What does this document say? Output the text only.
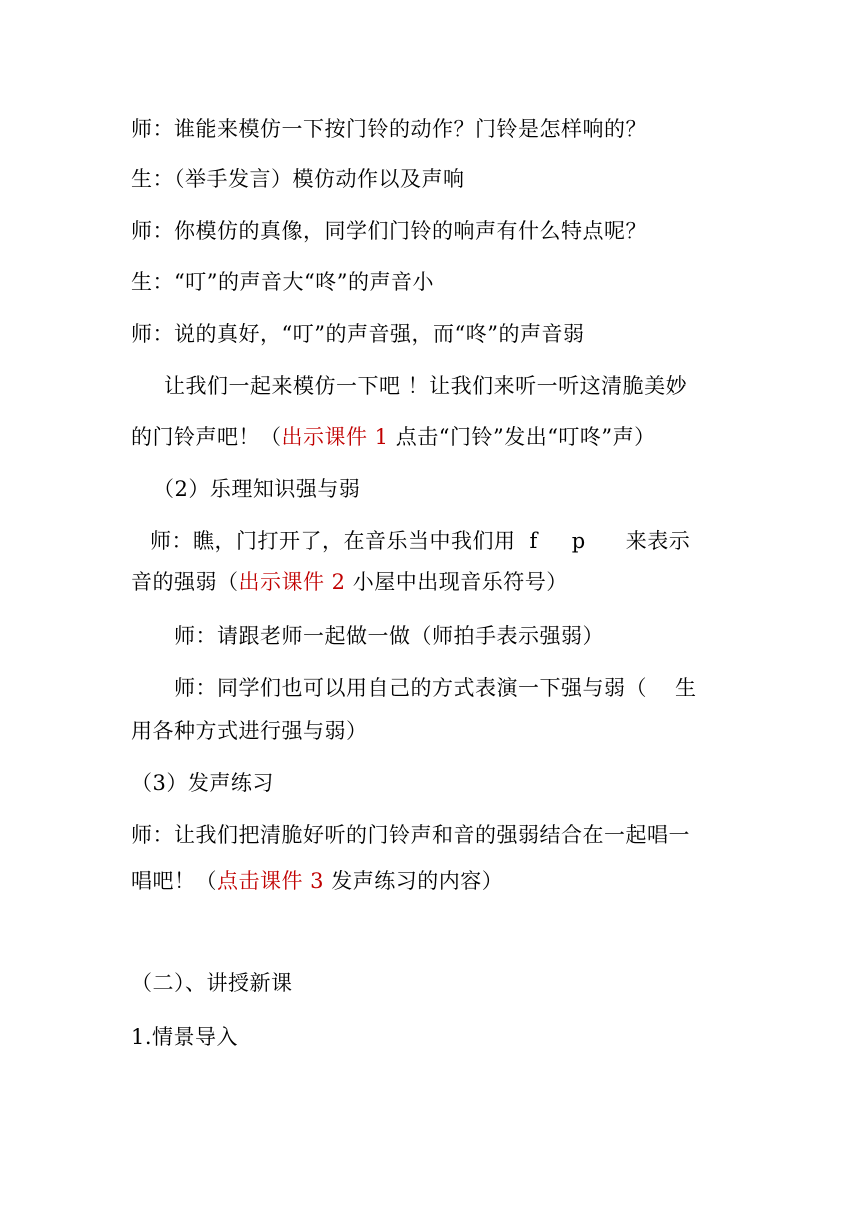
师：谁能来模仿一下按门铃的动作？门铃是怎样响的？
生：（举手发言）模仿动作以及声响
师：你模仿的真像，同学们门铃的响声有什么特点呢？
生：“叮”的声音大“咚”的声音小
师：说的真好，“叮”的声音强，而“咚”的声音弱
让我们一起来模仿一下吧 ！让我们来听一听这清脆美妙
的门铃声吧！（出示课件 1 点击“门铃”发出“叮咚”声）
（2）乐理知识强与弱
师：瞧，门打开了，在音乐当中我们用 f p 来表示
音的强弱（出示课件 2 小屋中出现音乐符号）
师：请跟老师一起做一做（师拍手表示强弱）
师：同学们也可以用自己的方式表演一下强与弱（ 生
用各种方式进行强与弱）
（3）发声练习
师：让我们把清脆好听的门铃声和音的强弱结合在一起唱一
唱吧！（点击课件 3 发声练习的内容）
（二）、讲授新课
1.情景导入
